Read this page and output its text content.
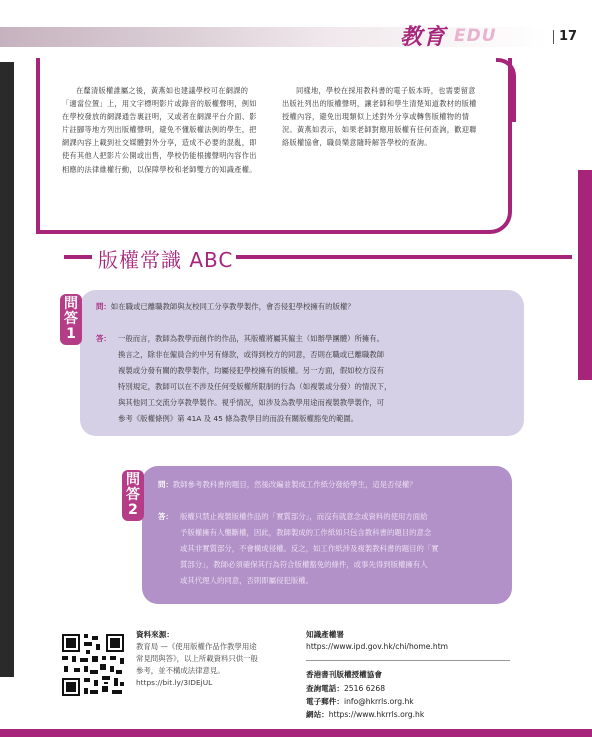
教育 EDU	17

在釐清版權誰屬之後，黃燕如也建議學校可在網課的「適當位置」上，用文字標明影片或錄音的版權聲明，例如在學校發放的網課通告裏註明，又或者在網課平台介面、影片註腳等地方列出版權聲明，避免不懂版權法例的學生，把網課內容上載到社交媒體對外分享，造成不必要的混亂，即使有其他人把影片公開或出售，學校仍能根據聲明內容作出相應的法律維權行動，以保障學校和老師雙方的知識產權。

同樣地，學校在採用教科書的電子版本時，也需要留意出版社列出的版權聲明，讓老師和學生清楚知道教材的版權授權內容，避免出現類似上述對外分享或轉售版權物的情況。黃燕如表示，如果老師對應用版權有任何查詢，歡迎聯絡版權協會，職員樂意隨時解答學校的查詢。

版權常識 ABC
問
答
1
問：如在職或已離職教師與友校同工分享教學製作，會否侵犯學校擁有的版權？
答： 一般而言，教師為教學而創作的作品，其版權將屬其僱主（如辦學團體）所擁有。
換言之，除非在僱員合約中另有條款，或得到校方的同意，否則在職或已離職教師
複製或分發有關的教學製作，均屬侵犯學校擁有的版權。另一方面，假如校方沒有
特別規定，教師可以在不涉及任何受版權所限制的行為（如複製或分發）的情況下，
與其他同工交流分享教學製作。視乎情況，如涉及為教學用途而複製教學製作，可
參考《版權條例》第 41A 及 45 條為教學目的而設有關版權豁免的範圍。
問
答
2
問：教師參考教科書的題目，然後改編並製成工作紙分發給學生，這是否侵權？
答： 版權只禁止複製版權作品的「實質部分」，而沒有就意念或資料的使用方面給
予版權擁有人壟斷權，因此，教師製成的工作紙如只包含教科書的題目的意念
或其非實質部分，不會構成侵權。反之，如工作紙涉及複製教科書的題目的「實
質部分」，教師必須確保其行為符合版權豁免的條件，或事先得到版權擁有人
或其代理人的同意，否則即屬侵犯版權。
資料來源：
教育局 —《使用版權作品作教學用途
常見問與答》，以上所載資料只供一般
參考，並不構成法律意見。
https://bit.ly/3IDEjUL
知識產權署
https://www.ipd.gov.hk/chi/home.htm
香港書刊版權授權協會
查詢電話：2516 6268
電子郵件：info@hkrrls.org.hk
網站：https://www.hkrrls.org.hk
